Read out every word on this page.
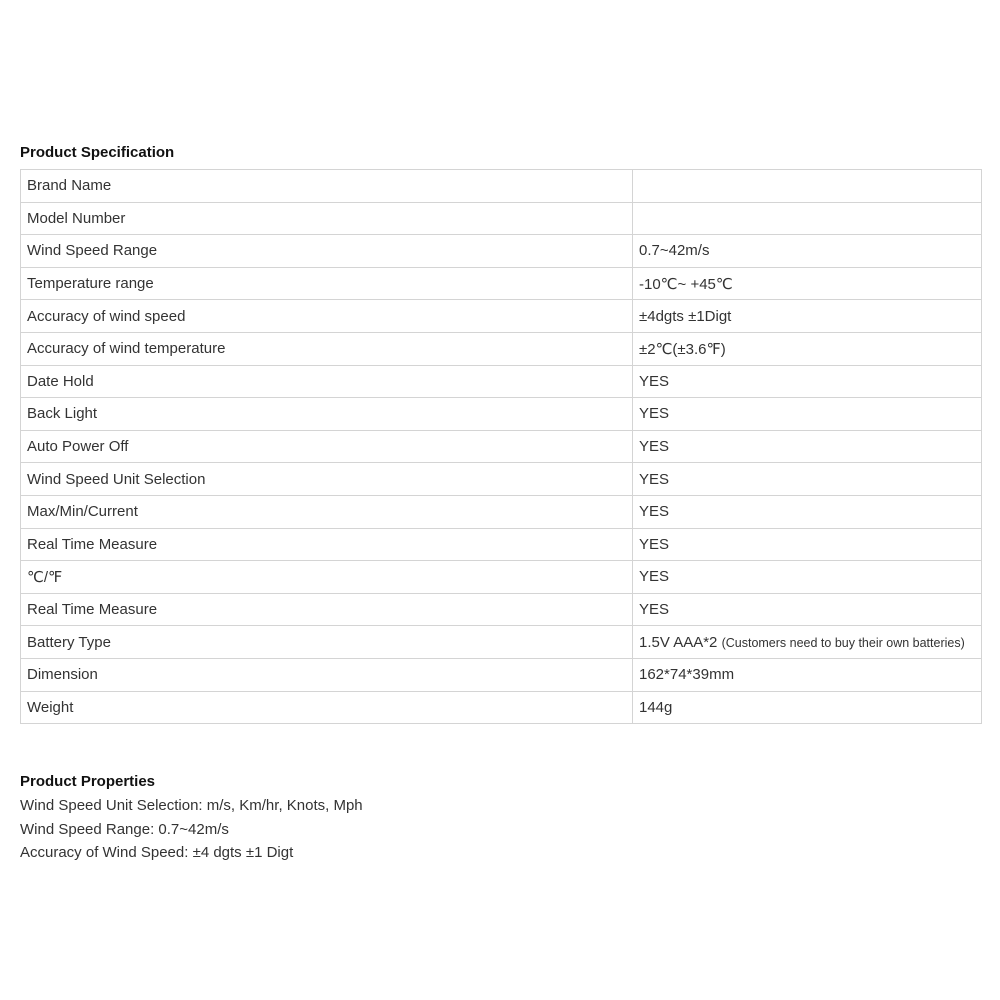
Product Specification
Brand Name	
Model Number	
Wind Speed Range	0.7~42m/s
Temperature range	-10℃~ +45℃
Accuracy of wind speed	±4dgts ±1Digt
Accuracy of wind temperature	±2℃(±3.6℉)
Date Hold	YES
Back Light	YES
Auto Power Off	YES
Wind Speed Unit Selection	YES
Max/Min/Current	YES
Real Time Measure	YES
℃/℉	YES
Real Time Measure	YES
Battery Type	1.5V AAA*2 (Customers need to buy their own batteries)
Dimension	162*74*39mm
Weight	144g
Product Properties
Wind Speed Unit Selection: m/s, Km/hr, Knots, Mph
Wind Speed Range: 0.7~42m/s
Accuracy of Wind Speed: ±4 dgts ±1 Digt
